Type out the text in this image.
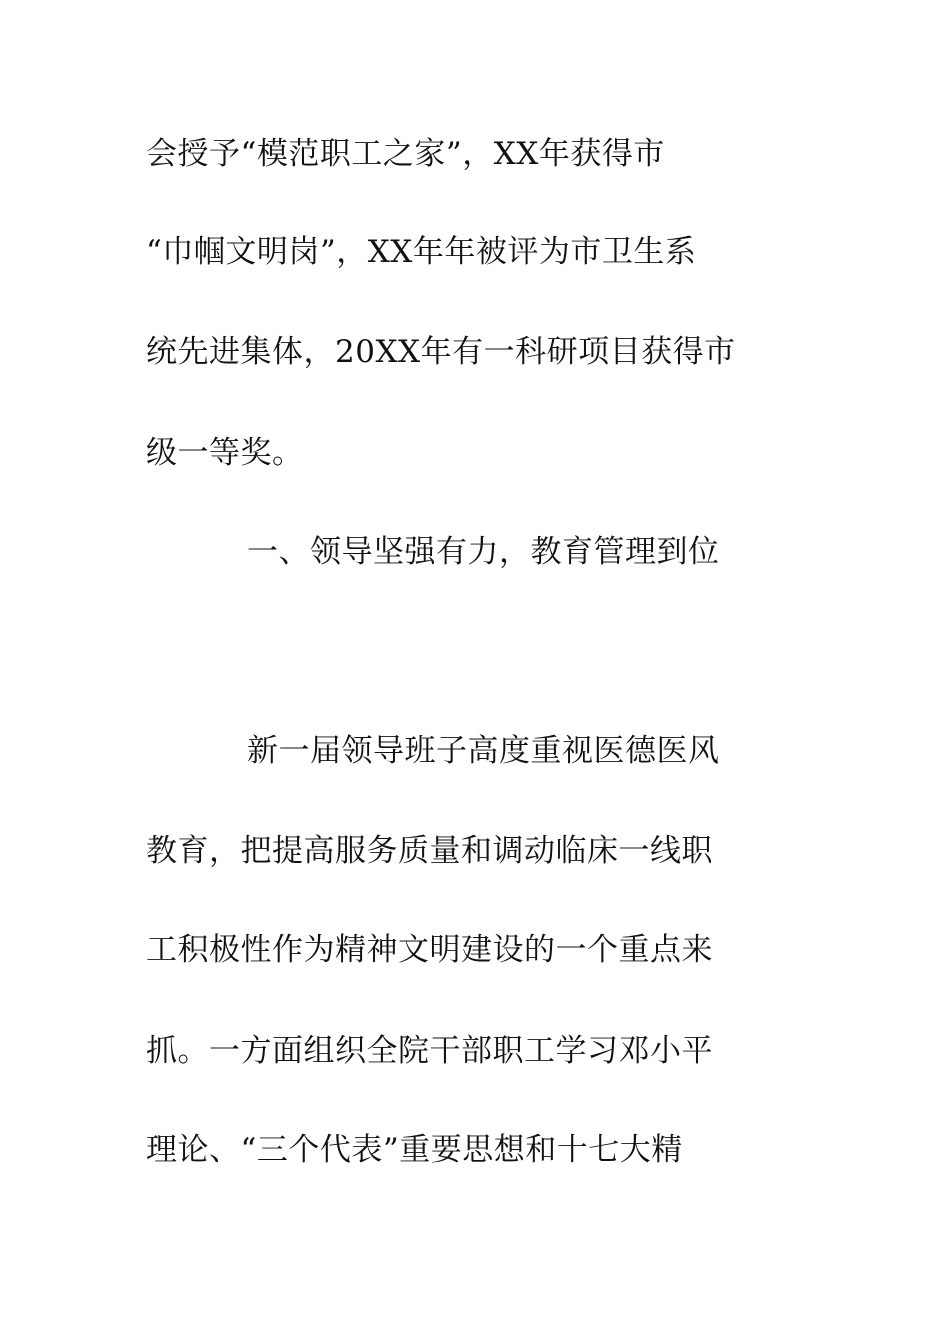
会授予“模范职工之家”，XX年获得市
“巾帼文明岗”，XX年年被评为市卫生系
统先进集体，20XX年有一科研项目获得市
级一等奖。
一、领导坚强有力，教育管理到位
新一届领导班子高度重视医德医风
教育，把提高服务质量和调动临床一线职
工积极性作为精神文明建设的一个重点来
抓。一方面组织全院干部职工学习邓小平
理论、“三个代表”重要思想和十七大精
